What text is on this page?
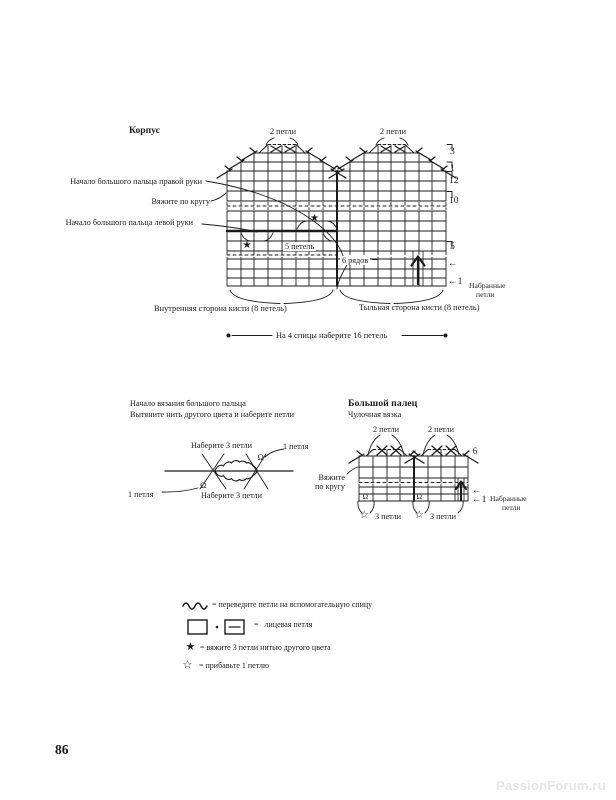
Корпус	2 петли	2 петли
Начало большого пальца правой руки
Вяжите по кругу
Начало большого пальца левой руки
5 петель
6 рядов
3
1
12
10
5
←
←1 Набранные
петли
★
★
Внутренняя сторона кисти (8 петель)	Тыльная сторона кисти (8 петель)
На 4 спицы наберите 16 петель
Начало вязания большого пальца
Вытяните нить другого цвета и наберите петли
Наберите 3 петли	1 петля
1 петля	Наберите 3 петли
Ω
Ω
Большой палец
Чулочная вязка
2 петли	2 петли
6
Вяжите
по кругу	←
←1 Набранные
петли
Ω	Ω
☆ 3 петли ☆ 3 петли
= переведите петли на вспомогательную спицу
=   лицевая петля
★ = вяжите 3 петли нитью другого цвета
☆ = прибавьте 1 петлю
86
PassionForum.ru
